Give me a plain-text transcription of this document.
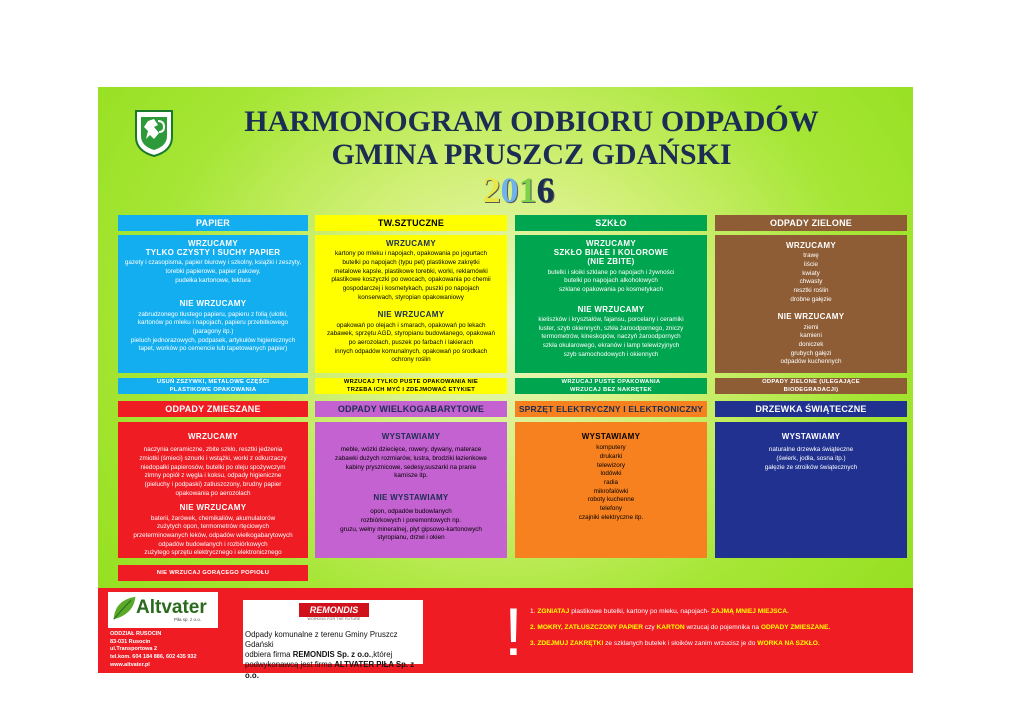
HARMONOGRAM ODBIORU ODPADÓW
GMINA PRUSZCZ GDAŃSKI
2016
PAPIER	TW.SZTUCZNE	SZKŁO	ODPADY ZIELONE
WRZUCAMY
TYLKO CZYSTY I SUCHY PAPIER
gazety i czasopisma, papier biurowy i szkolny, książki i zeszyty, torebki papierowe, papier pakowy,
pudełka kartonowe, tektura
NIE WRZUCAMY
zabrudzonego tłustego papieru, papieru z folią (ulotki,
kartonów po mleku i napojach, papieru przebitkowego
(paragony itp.)
pieluch jednorazowych, podpasek, artykułów higienicznych
tapet, worków po cemencie lub tapetowanych papier)
WRZUCAMY
kartony po mleku i napojach, opakowania po jogurtach
butelki po napojach (typu pet) plastikowe zakrętki
metalowe kapsle, plastikowe torebki, worki, reklamówki
plastikowe koszyczki po owocach, opakowania po chemii
gospodarczej i kosmetykach, puszki po napojach
konserwach, styropian opakowaniowy
NIE WRZUCAMY
opakowań po olejach i smarach, opakowań po lekach
zabawek, sprzętu AGD, styropianu budowlanego, opakowań
po aerozolach, puszek po farbach i lakierach
innych odpadów komunalnych, opakowań po środkach
ochrony roślin
WRZUCAMY
SZKŁO BIAŁE I KOLOROWE (NIE ZBITE)
butelki i słoiki szklane po napojach i żywności
butelki po napojach alkoholowych
szklane opakowania po kosmetykach
NIE WRZUCAMY
kieliszków i kryształów, fajansu, porcelany i ceramiki
luster, szyb okiennych, szkła żaroodpornego, zniczy
termometrów, kineskopów, naczyń żaroodpornych
szkła okularowego, ekranów i lamp telewizyjnych
szyb samochodowych i okiennych
WRZUCAMY
trawę
liście
kwiaty
chwasty
resztki roślin
drobne gałęzie
NIE WRZUCAMY
ziemi
kamieni
doniczek
grubych gałęzi
odpadów kuchennych
USUŃ ZSZYWKI, METALOWE CZĘŚCI PLASTIKOWE OPAKOWANIA
WRZUCAJ TYLKO PUSTE OPAKOWANIA NIE TRZEBA ICH MYĆ I ZDEJMOWAĆ ETYKIET
WRZUCAJ PUSTE OPAKOWANIA WRZUCAJ BEZ NAKRĘTEK
ODPADY ZIELONE (ULEGAJĄCE BIODEGRADACJI)
ODPADY ZMIESZANE	ODPADY WIELKOGABARYTOWE	SPRZĘT ELEKTRYCZNY I ELEKTRONICZNY	DRZEWKA ŚWIĄTECZNE
WRZUCAMY
naczynia ceramiczne, zbite szkło, resztki jedzenia
zmiotki (śmieci) sznurki i wstążki, worki z odkurzaczy
niedopałki papierosów, butelki po oleju spożywczym
zimny popiół z węgla i koksu, odpady higieniczne
(pieluchy i podpaski) zatłuszczony, brudny papier
opakowania po aerozolach
NIE WRZUCAMY
baterii, żarówek, chemikaliów, akumulatorów
zużytych opon, termometrów rtęciowych
przeterminowanych leków, odpadów wielkogabarytowych
odpadów budowlanych i rozbiórkowych
zużytego sprzętu elektrycznego i elektronicznego
WYSTAWIAMY
meble, wózki dziecięce, rowery, dywany, materace
zabawki dużych rozmiarów, lustra, brodziki łazienkowe
kabiny prysznicowe, sedesy,suszarki na pranie
karnisze itp.
NIE WYSTAWIAMY
opon, odpadów budowlanych
rozbiórkowych i poremontowych np.
gruzu, wełny mineralnej, płyt gipsowo-kartonowych
styropianu, drzwi i okien
WYSTAWIAMY
komputery
drukarki
telewizory
lodówki
radia
mikrofalówki
roboty kuchenne
telefony
czajniki elektryczne itp.
WYSTAWIAMY
naturalne drzewka świąteczne
(świerk, jodła, sosna itp.)
gałęzie ze stroików świątecznych
NIE WRZUCAJ GORĄCEGO POPIOŁU
Altvater
Piła sp. z o.o.
ODDZIAŁ RUSOCIN
83-031 Rusocin
ul.Transportowa 2
tel.kom. 604 184 886, 602 435 932
www.altvater.pl
REMONDIS
WORKING FOR THE FUTURE
Odpady komunalne z terenu Gminy Pruszcz Gdański
odbiera firma REMONDIS Sp. z o.o.,której
podwykonawcą jest firma ALTVATER PIŁA Sp. z o.o.
! 1. ZGNIATAJ plastikowe butelki, kartony po mleku, napojach- ZAJMĄ MNIEJ MIEJSCA.
2. MOKRY, ZATŁUSZCZONY PAPIER czy KARTON wrzucaj do pojemnika na ODPADY ZMIESZANE.
3. ZDEJMUJ ZAKRĘTKI ze szklanych butelek i słoików zanim wrzucisz je do WORKA NA SZKŁO.
